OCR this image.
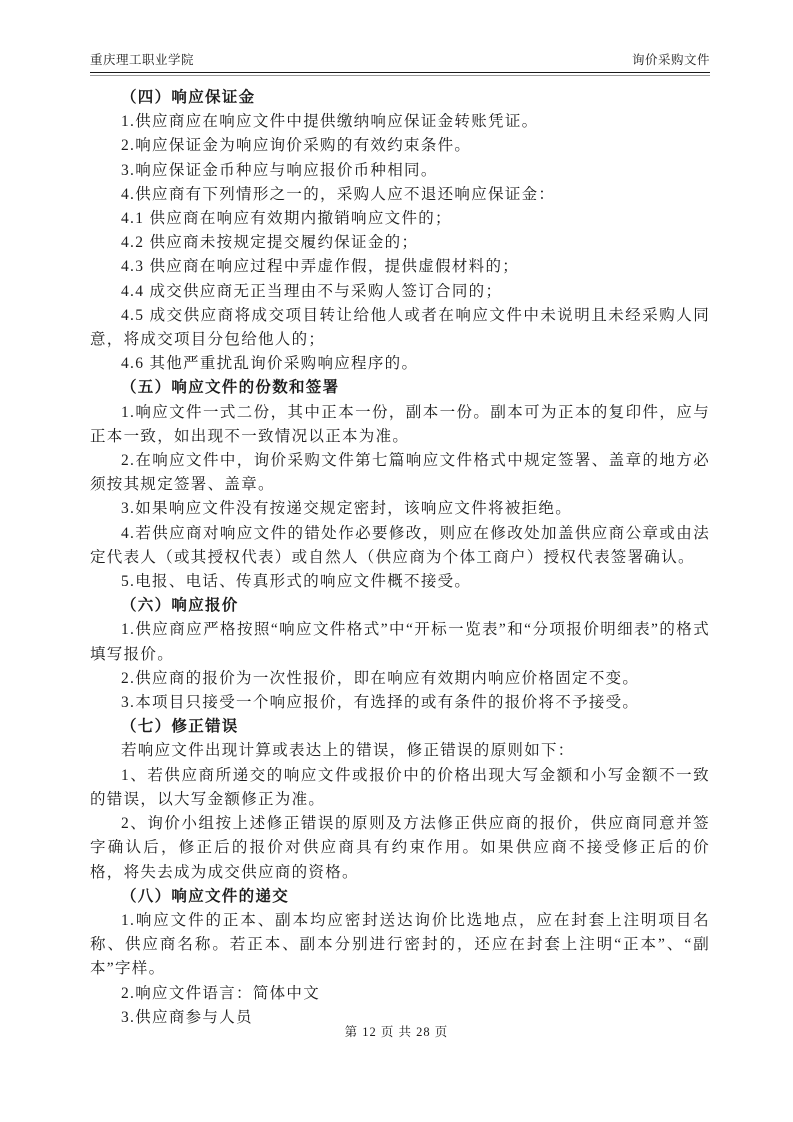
重庆理工职业学院	询价采购文件
（四）响应保证金

1.供应商应在响应文件中提供缴纳响应保证金转账凭证。

2.响应保证金为响应询价采购的有效约束条件。

3.响应保证金币种应与响应报价币种相同。

4.供应商有下列情形之一的，采购人应不退还响应保证金：

4.1 供应商在响应有效期内撤销响应文件的；

4.2 供应商未按规定提交履约保证金的；

4.3 供应商在响应过程中弄虚作假，提供虚假材料的；

4.4 成交供应商无正当理由不与采购人签订合同的；

4.5 成交供应商将成交项目转让给他人或者在响应文件中未说明且未经采购人同意，将成交项目分包给他人的；

4.6 其他严重扰乱询价采购响应程序的。

（五）响应文件的份数和签署

1.响应文件一式二份，其中正本一份，副本一份。副本可为正本的复印件，应与正本一致，如出现不一致情况以正本为准。

2.在响应文件中，询价采购文件第七篇响应文件格式中规定签署、盖章的地方必须按其规定签署、盖章。

3.如果响应文件没有按递交规定密封，该响应文件将被拒绝。

4.若供应商对响应文件的错处作必要修改，则应在修改处加盖供应商公章或由法定代表人（或其授权代表）或自然人（供应商为个体工商户）授权代表签署确认。

5.电报、电话、传真形式的响应文件概不接受。

（六）响应报价

1.供应商应严格按照“响应文件格式”中“开标一览表”和“分项报价明细表”的格式填写报价。

2.供应商的报价为一次性报价，即在响应有效期内响应价格固定不变。

3.本项目只接受一个响应报价，有选择的或有条件的报价将不予接受。

（七）修正错误

若响应文件出现计算或表达上的错误，修正错误的原则如下：

1、若供应商所递交的响应文件或报价中的价格出现大写金额和小写金额不一致的错误，以大写金额修正为准。

2、询价小组按上述修正错误的原则及方法修正供应商的报价，供应商同意并签字确认后，修正后的报价对供应商具有约束作用。如果供应商不接受修正后的价格，将失去成为成交供应商的资格。

（八）响应文件的递交

1.响应文件的正本、副本均应密封送达询价比选地点，应在封套上注明项目名称、供应商名称。若正本、副本分别进行密封的，还应在封套上注明“正本”、“副本”字样。

2.响应文件语言：简体中文

3.供应商参与人员

第 12 页 共 28 页
